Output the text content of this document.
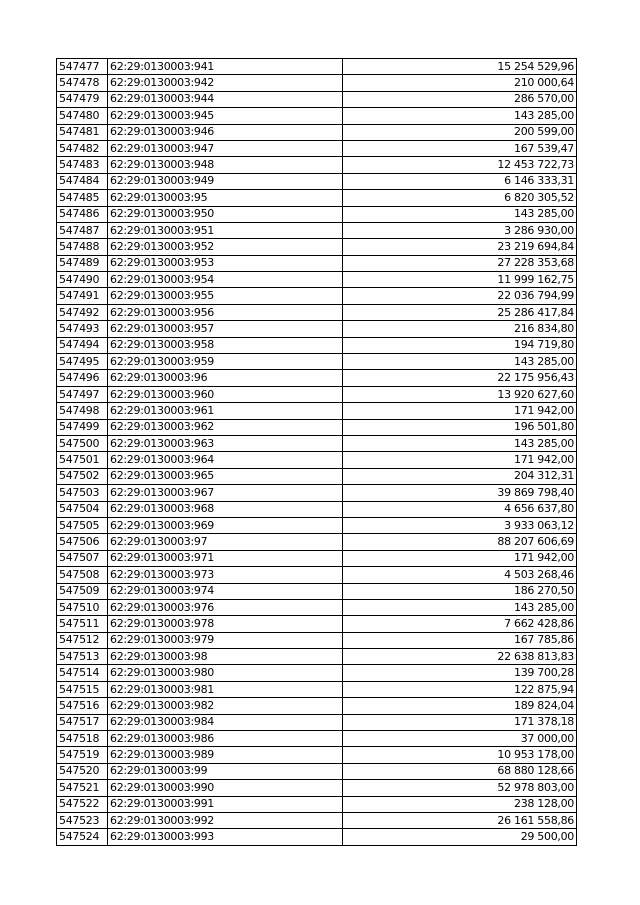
547477	62:29:0130003:941	15 254 529,96
547478	62:29:0130003:942	210 000,64
547479	62:29:0130003:944	286 570,00
547480	62:29:0130003:945	143 285,00
547481	62:29:0130003:946	200 599,00
547482	62:29:0130003:947	167 539,47
547483	62:29:0130003:948	12 453 722,73
547484	62:29:0130003:949	6 146 333,31
547485	62:29:0130003:95	6 820 305,52
547486	62:29:0130003:950	143 285,00
547487	62:29:0130003:951	3 286 930,00
547488	62:29:0130003:952	23 219 694,84
547489	62:29:0130003:953	27 228 353,68
547490	62:29:0130003:954	11 999 162,75
547491	62:29:0130003:955	22 036 794,99
547492	62:29:0130003:956	25 286 417,84
547493	62:29:0130003:957	216 834,80
547494	62:29:0130003:958	194 719,80
547495	62:29:0130003:959	143 285,00
547496	62:29:0130003:96	22 175 956,43
547497	62:29:0130003:960	13 920 627,60
547498	62:29:0130003:961	171 942,00
547499	62:29:0130003:962	196 501,80
547500	62:29:0130003:963	143 285,00
547501	62:29:0130003:964	171 942,00
547502	62:29:0130003:965	204 312,31
547503	62:29:0130003:967	39 869 798,40
547504	62:29:0130003:968	4 656 637,80
547505	62:29:0130003:969	3 933 063,12
547506	62:29:0130003:97	88 207 606,69
547507	62:29:0130003:971	171 942,00
547508	62:29:0130003:973	4 503 268,46
547509	62:29:0130003:974	186 270,50
547510	62:29:0130003:976	143 285,00
547511	62:29:0130003:978	7 662 428,86
547512	62:29:0130003:979	167 785,86
547513	62:29:0130003:98	22 638 813,83
547514	62:29:0130003:980	139 700,28
547515	62:29:0130003:981	122 875,94
547516	62:29:0130003:982	189 824,04
547517	62:29:0130003:984	171 378,18
547518	62:29:0130003:986	37 000,00
547519	62:29:0130003:989	10 953 178,00
547520	62:29:0130003:99	68 880 128,66
547521	62:29:0130003:990	52 978 803,00
547522	62:29:0130003:991	238 128,00
547523	62:29:0130003:992	26 161 558,86
547524	62:29:0130003:993	29 500,00
